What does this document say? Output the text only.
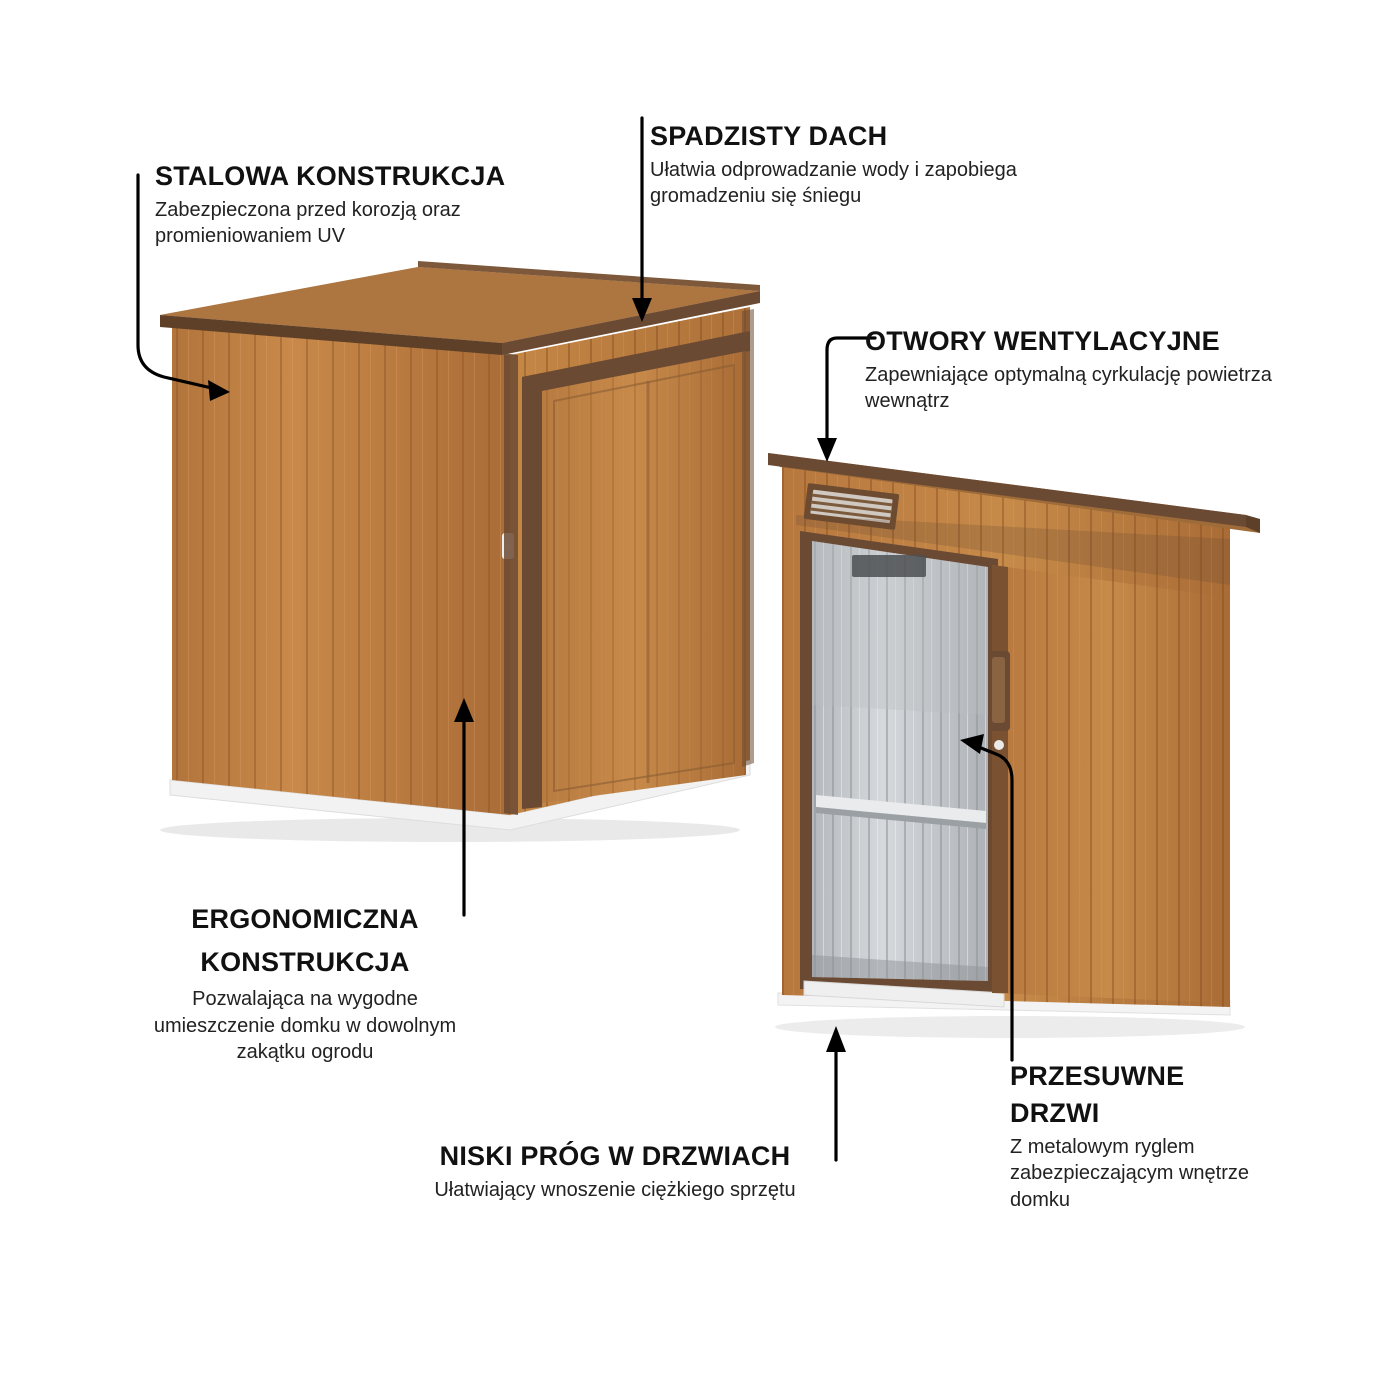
STALOWA KONSTRUKCJA

Zabezpieczona przed korozją oraz promieniowaniem UV

SPADZISTY DACH

Ułatwia odprowadzanie wody i zapobiega gromadzeniu się śniegu

OTWORY WENTYLACYJNE

Zapewniające optymalną cyrkulację powietrza wewnątrz

ERGONOMICZNA
KONSTRUKCJA

Pozwalająca na wygodne umieszczenie domku w dowolnym zakątku ogrodu

NISKI PRÓG W DRZWIACH

Ułatwiający wnoszenie ciężkiego sprzętu

PRZESUWNE
DRZWI

Z metalowym ryglem zabezpieczającym wnętrze domku
